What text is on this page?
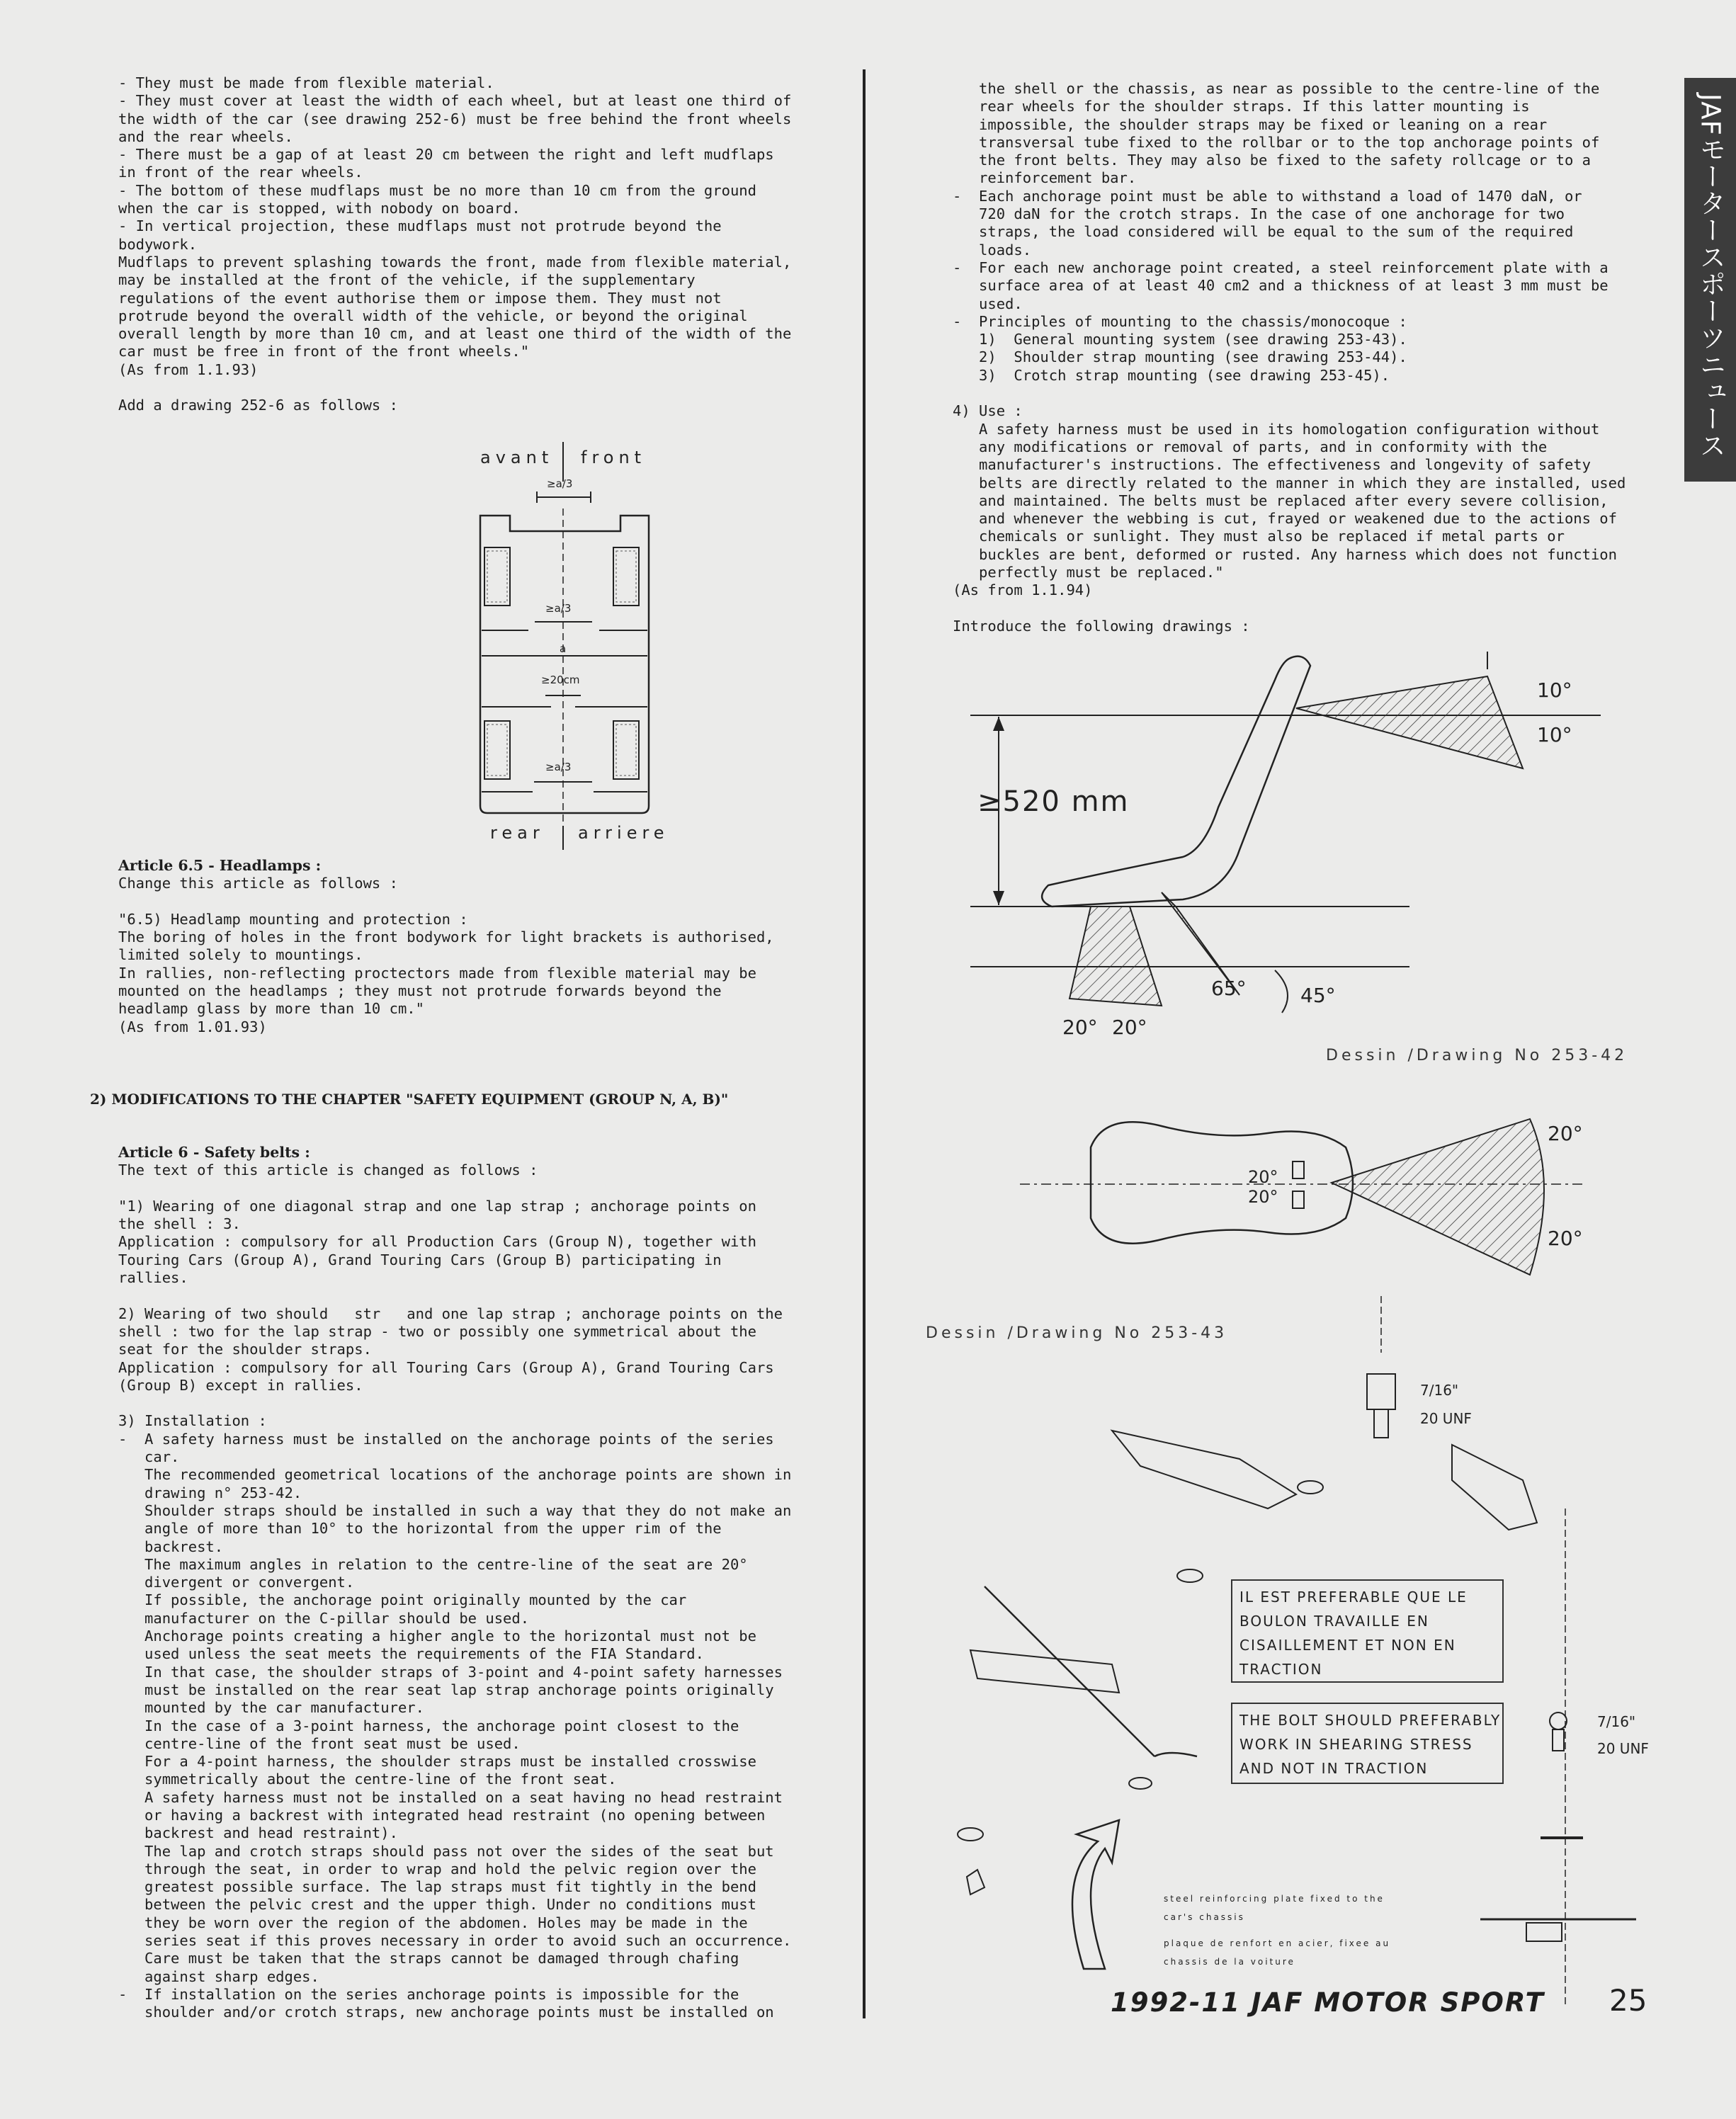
JAFモータースポーツニュース
- They must be made from flexible material.
- They must cover at least the width of each wheel, but at least one third of
the width of the car (see drawing 252-6) must be free behind the front wheels
and the rear wheels.
- There must be a gap of at least 20 cm between the right and left mudflaps
in front of the rear wheels.
- The bottom of these mudflaps must be no more than 10 cm from the ground
when the car is stopped, with nobody on board.
- In vertical projection, these mudflaps must not protrude beyond the
bodywork.
Mudflaps to prevent splashing towards the front, made from flexible material,
may be installed at the front of the vehicle, if the supplementary
regulations of the event authorise them or impose them. They must not
protrude beyond the overall width of the vehicle, or beyond the original
overall length by more than 10 cm, and at least one third of the width of the
car must be free in front of the front wheels."
(As from 1.1.93)
Add a drawing 252-6 as follows :
avant front
≥a/3
≥a/3
a
≥20cm
≥a/3
rear arriere
Article 6.5 - Headlamps :
Change this article as follows :
"6.5) Headlamp mounting and protection :
The boring of holes in the front bodywork for light brackets is authorised,
limited solely to mountings.
In rallies, non-reflecting proctectors made from flexible material may be
mounted on the headlamps ; they must not protrude forwards beyond the
headlamp glass by more than 10 cm."
(As from 1.01.93)
2) MODIFICATIONS TO THE CHAPTER "SAFETY EQUIPMENT (GROUP N, A, B)"
Article 6 - Safety belts :
The text of this article is changed as follows :
"1) Wearing of one diagonal strap and one lap strap ; anchorage points on
the shell : 3.
Application : compulsory for all Production Cars (Group N), together with
Touring Cars (Group A), Grand Touring Cars (Group B) participating in
rallies.
2) Wearing of two should   str   and one lap strap ; anchorage points on the
shell : two for the lap strap - two or possibly one symmetrical about the
seat for the shoulder straps.
Application : compulsory for all Touring Cars (Group A), Grand Touring Cars
(Group B) except in rallies.
3) Installation :
-  A safety harness must be installed on the anchorage points of the series
car.
The recommended geometrical locations of the anchorage points are shown in
drawing n° 253-42.
Shoulder straps should be installed in such a way that they do not make an
angle of more than 10° to the horizontal from the upper rim of the
backrest.
The maximum angles in relation to the centre-line of the seat are 20°
divergent or convergent.
If possible, the anchorage point originally mounted by the car
manufacturer on the C-pillar should be used.
Anchorage points creating a higher angle to the horizontal must not be
used unless the seat meets the requirements of the FIA Standard.
In that case, the shoulder straps of 3-point and 4-point safety harnesses
must be installed on the rear seat lap strap anchorage points originally
mounted by the car manufacturer.
In the case of a 3-point harness, the anchorage point closest to the
centre-line of the front seat must be used.
For a 4-point harness, the shoulder straps must be installed crosswise
symmetrically about the centre-line of the front seat.
A safety harness must not be installed on a seat having no head restraint
or having a backrest with integrated head restraint (no opening between
backrest and head restraint).
The lap and crotch straps should pass not over the sides of the seat but
through the seat, in order to wrap and hold the pelvic region over the
greatest possible surface. The lap straps must fit tightly in the bend
between the pelvic crest and the upper thigh. Under no conditions must
they be worn over the region of the abdomen. Holes may be made in the
series seat if this proves necessary in order to avoid such an occurrence.
Care must be taken that the straps cannot be damaged through chafing
against sharp edges.
-  If installation on the series anchorage points is impossible for the
shoulder and/or crotch straps, new anchorage points must be installed on
the shell or the chassis, as near as possible to the centre-line of the
rear wheels for the shoulder straps. If this latter mounting is
impossible, the shoulder straps may be fixed or leaning on a rear
transversal tube fixed to the rollbar or to the top anchorage points of
the front belts. They may also be fixed to the safety rollcage or to a
reinforcement bar.
-  Each anchorage point must be able to withstand a load of 1470 daN, or
720 daN for the crotch straps. In the case of one anchorage for two
straps, the load considered will be equal to the sum of the required
loads.
-  For each new anchorage point created, a steel reinforcement plate with a
surface area of at least 40 cm2 and a thickness of at least 3 mm must be
used.
-  Principles of mounting to the chassis/monocoque :
1)  General mounting system (see drawing 253-43).
2)  Shoulder strap mounting (see drawing 253-44).
3)  Crotch strap mounting (see drawing 253-45).
4) Use :
A safety harness must be used in its homologation configuration without
any modifications or removal of parts, and in conformity with the
manufacturer's instructions. The effectiveness and longevity of safety
belts are directly related to the manner in which they are installed, used
and maintained. The belts must be replaced after every severe collision,
and whenever the webbing is cut, frayed or weakened due to the actions of
chemicals or sunlight. They must also be replaced if metal parts or
buckles are bent, deformed or rusted. Any harness which does not function
perfectly must be replaced."
(As from 1.1.94)
Introduce the following drawings :
≥520 mm
10°
10°
65°	45°
20° 20°
Dessin /Drawing No 253-42
20°
20°
20°
20°
Dessin /Drawing No 253-43
7/16"
20 UNF
7/16"
20 UNF
IL EST PREFERABLE QUE LE
BOULON TRAVAILLE EN
CISAILLEMENT ET NON EN
TRACTION
THE BOLT SHOULD PREFERABLY
WORK IN SHEARING STRESS
AND NOT IN TRACTION
steel reinforcing plate fixed to the
car's chassis
plaque de renfort en acier, fixee au
chassis de la voiture
1992-11 JAF MOTOR SPORT 25
